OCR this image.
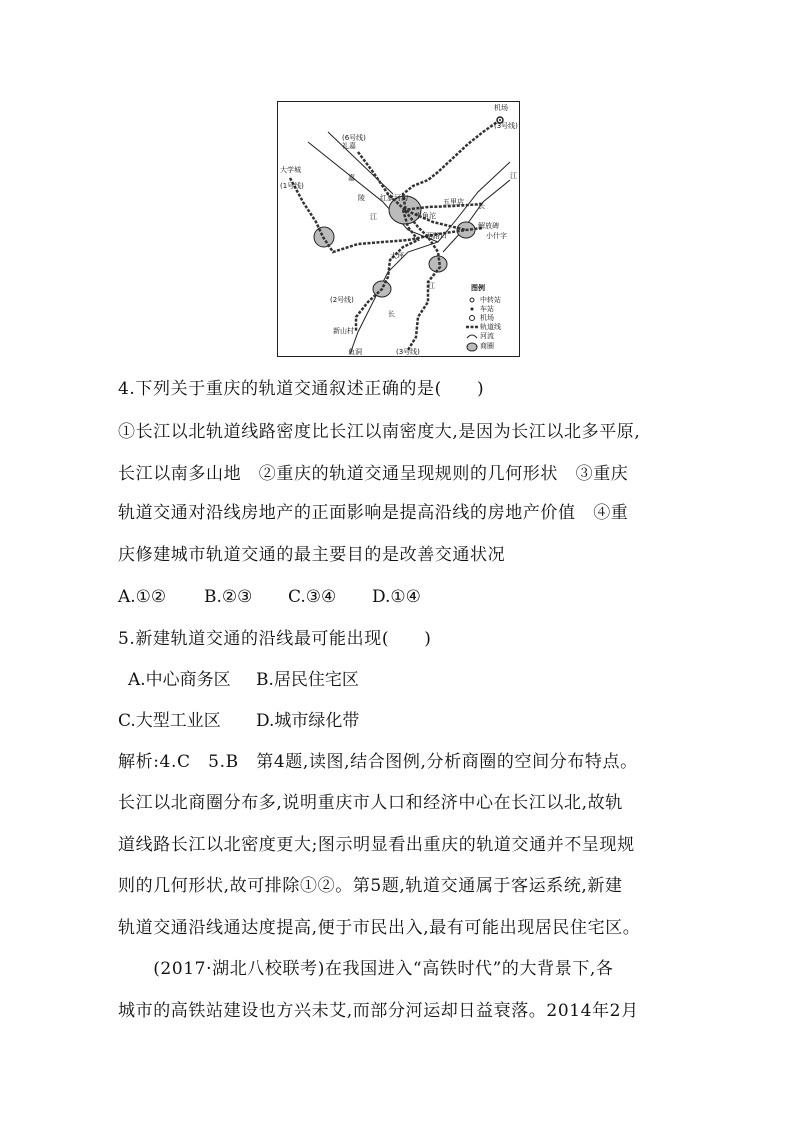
机场
(3号线)
(6号线)
礼嘉
大学城
(1号线)
嘉
陵
江
红旗河沟	五里店
牛角沱
江
长
解放碑
小什字
两路口
大坪
江
(2号线)
新山村
长
鱼洞	(3号线)
图例
中转站
车站
机场
轨道线
河流
商圈
4.下列关于重庆的轨道交通叙述正确的是(　　)
①长江以北轨道线路密度比长江以南密度大,是因为长江以北多平原,
长江以南多山地　②重庆的轨道交通呈现规则的几何形状　③重庆
轨道交通对沿线房地产的正面影响是提高沿线的房地产价值　④重
庆修建城市轨道交通的最主要目的是改善交通状况
A.①② B.②③ C.③④ D.①④
5.新建轨道交通的沿线最可能出现(　　)
A.中心商务区 B.居民住宅区
C.大型工业区 D.城市绿化带
解析:4.C　5.B　第4题,读图,结合图例,分析商圈的空间分布特点。
长江以北商圈分布多,说明重庆市人口和经济中心在长江以北,故轨
道线路长江以北密度更大;图示明显看出重庆的轨道交通并不呈现规
则的几何形状,故可排除①②。第5题,轨道交通属于客运系统,新建
轨道交通沿线通达度提高,便于市民出入,最有可能出现居民住宅区。
　　(2017·湖北八校联考)在我国进入“高铁时代”的大背景下,各
城市的高铁站建设也方兴未艾,而部分河运却日益衰落。2014年2月
